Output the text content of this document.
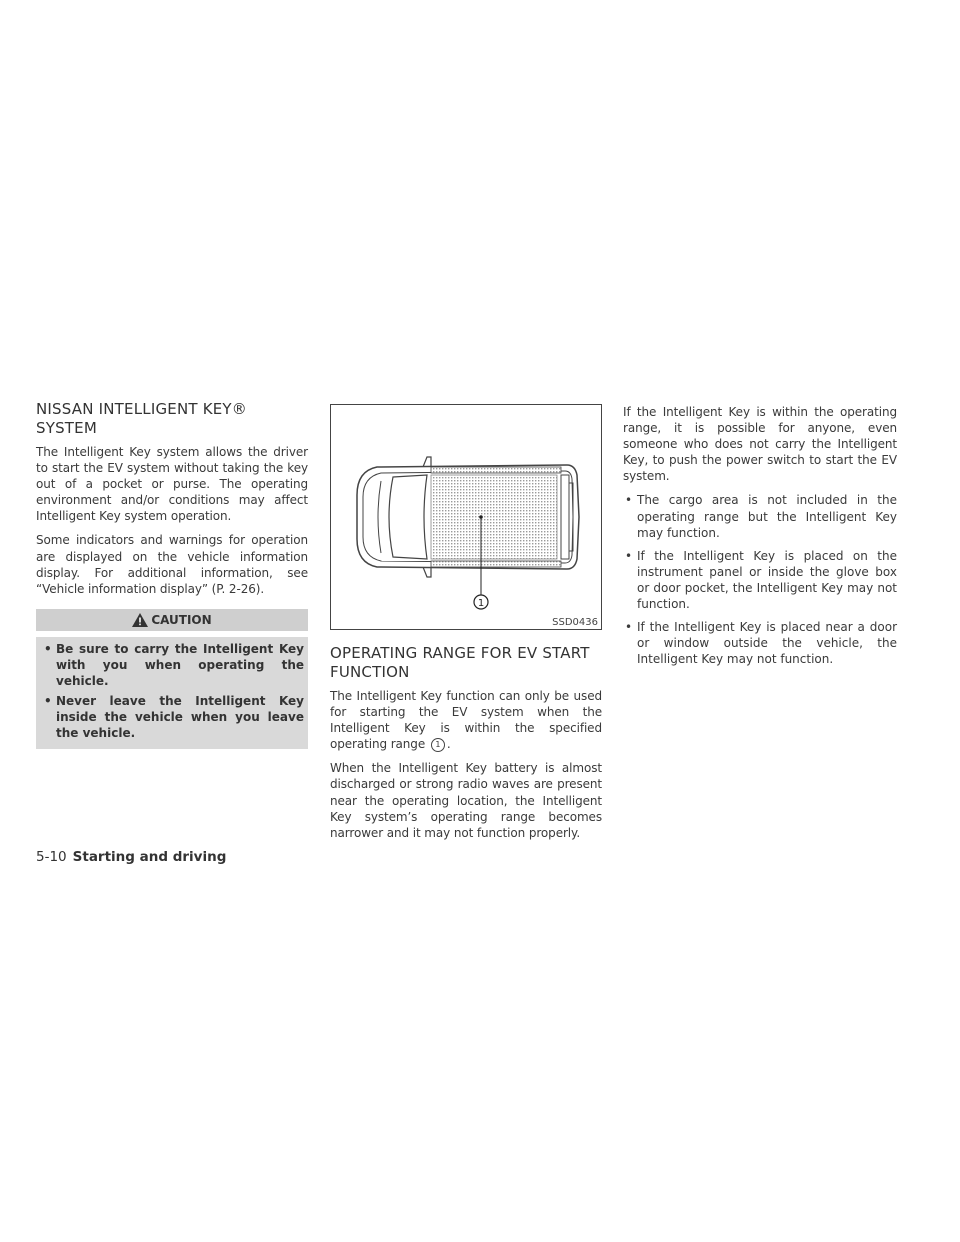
NISSAN INTELLIGENT KEY®
SYSTEM

The Intelligent Key system allows the driver to start the EV system without taking the key out of a pocket or purse. The operating environment and/or conditions may affect Intelligent Key system operation.

Some indicators and warnings for operation are displayed on the vehicle information display. For additional information, see “Vehicle information display” (P. 2-26).

CAUTION
• Be sure to carry the Intelligent Key with you when operating the vehicle.
• Never leave the Intelligent Key inside the vehicle when you leave the vehicle.
1
SSD0436
OPERATING RANGE FOR EV START
FUNCTION

The Intelligent Key function can only be used for starting the EV system when the Intelligent Key is within the specified operating range 1 .

When the Intelligent Key battery is almost discharged or strong radio waves are present near the operating location, the Intelligent Key system’s operating range becomes narrower and it may not function properly.

If the Intelligent Key is within the operating range, it is possible for anyone, even someone who does not carry the Intelligent Key, to push the power switch to start the EV system.

• The cargo area is not included in the operating range but the Intelligent Key may function.
• If the Intelligent Key is placed on the instrument panel or inside the glove box or door pocket, the Intelligent Key may not function.
• If the Intelligent Key is placed near a door or window outside the vehicle, the Intelligent Key may not function.
5-10 Starting and driving
